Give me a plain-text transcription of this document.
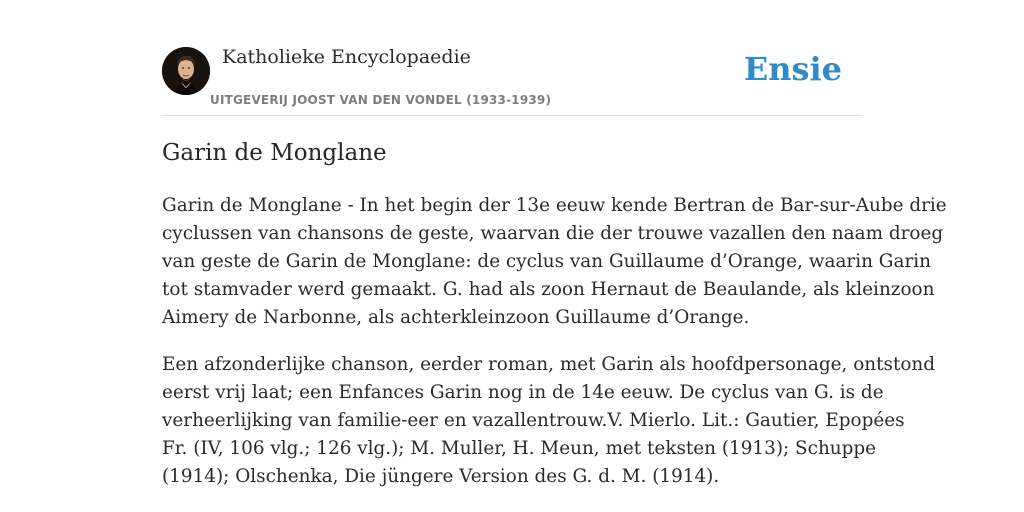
Katholieke Encyclopaedie
UITGEVERIJ JOOST VAN DEN VONDEL (1933-1939)
Ensie
Garin de Monglane

Garin de Monglane - In het begin der 13e eeuw kende Bertran de Bar-sur-Aube drie
cyclussen van chansons de geste, waarvan die der trouwe vazallen den naam droeg
van geste de Garin de Monglane: de cyclus van Guillaume d’Orange, waarin Garin
tot stamvader werd gemaakt. G. had als zoon Hernaut de Beaulande, als kleinzoon
Aimery de Narbonne, als achterkleinzoon Guillaume d’Orange.

Een afzonderlijke chanson, eerder roman, met Garin als hoofdpersonage, ontstond
eerst vrij laat; een Enfances Garin nog in de 14e eeuw. De cyclus van G. is de
verheerlijking van familie-eer en vazallentrouw.V. Mierlo. Lit.: Gautier, Epopées
Fr. (IV, 106 vlg.; 126 vlg.); M. Muller, H. Meun, met teksten (1913); Schuppe
(1914); Olschenka, Die jüngere Version des G. d. M. (1914).
